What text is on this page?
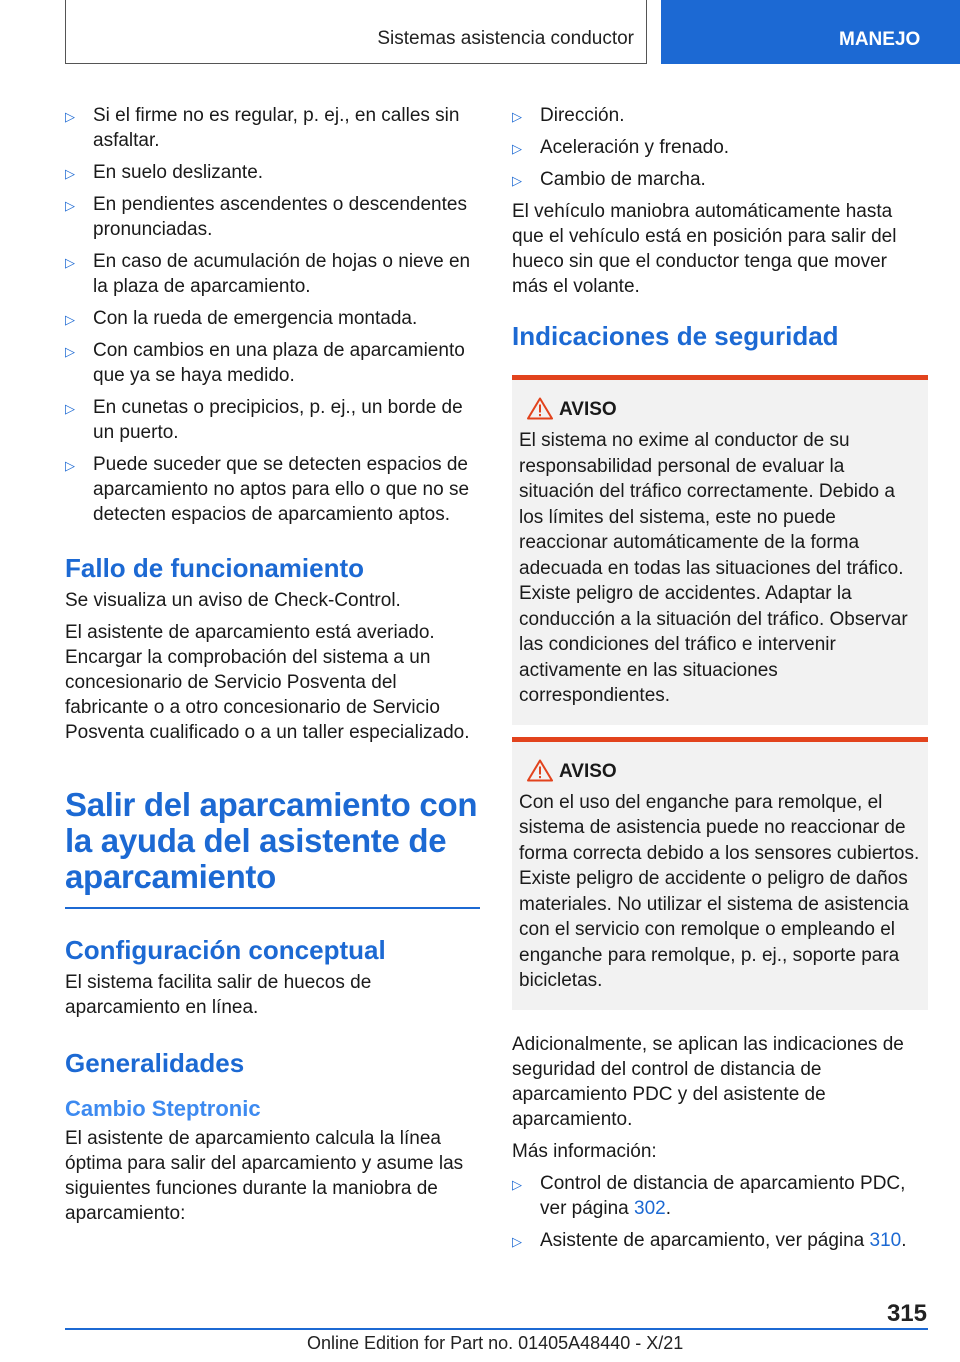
Sistemas asistencia conductor	MANEJO
▷ Si el firme no es regular, p. ej., en calles sin asfaltar.
▷ En suelo deslizante.
▷ En pendientes ascendentes o descendentes pronunciadas.
▷ En caso de acumulación de hojas o nieve en la plaza de aparcamiento.
▷ Con la rueda de emergencia montada.
▷ Con cambios en una plaza de aparcamiento que ya se haya medido.
▷ En cunetas o precipicios, p. ej., un borde de un puerto.
▷ Puede suceder que se detecten espacios de aparcamiento no aptos para ello o que no se detecten espacios de aparcamiento aptos.
Fallo de funcionamiento

Se visualiza un aviso de Check-Control.

El asistente de aparcamiento está averiado. Encargar la comprobación del sistema a un concesionario de Servicio Posventa del fabricante o a otro concesionario de Servicio Posventa cualificado o a un taller especializado.

Salir del aparcamiento con
la ayuda del asistente de
aparcamiento
Configuración conceptual

El sistema facilita salir de huecos de aparcamiento en línea.

Generalidades
Cambio Steptronic

El asistente de aparcamiento calcula la línea óptima para salir del aparcamiento y asume las siguientes funciones durante la maniobra de aparcamiento:

▷ Dirección.
▷ Aceleración y frenado.
▷ Cambio de marcha.

El vehículo maniobra automáticamente hasta que el vehículo está en posición para salir del hueco sin que el conductor tenga que mover más el volante.

Indicaciones de seguridad
AVISO

El sistema no exime al conductor de su responsabilidad personal de evaluar la situación del tráfico correctamente. Debido a los límites del sistema, este no puede reaccionar automáticamente de la forma adecuada en todas las situaciones del tráfico. Existe peligro de accidentes. Adaptar la conducción a la situación del tráfico. Observar las condiciones del tráfico e intervenir activamente en las situaciones correspondientes.

AVISO

Con el uso del enganche para remolque, el sistema de asistencia puede no reaccionar de forma correcta debido a los sensores cubiertos. Existe peligro de accidente o peligro de daños materiales. No utilizar el sistema de asistencia con el servicio con remolque o empleando el enganche para remolque, p. ej., soporte para bicicletas.

Adicionalmente, se aplican las indicaciones de seguridad del control de distancia de aparcamiento PDC y del asistente de aparcamiento.

Más información:

▷ Control de distancia de aparcamiento PDC, ver página 302.
▷ Asistente de aparcamiento, ver página 310.
315
Online Edition for Part no. 01405A48440 - X/21
